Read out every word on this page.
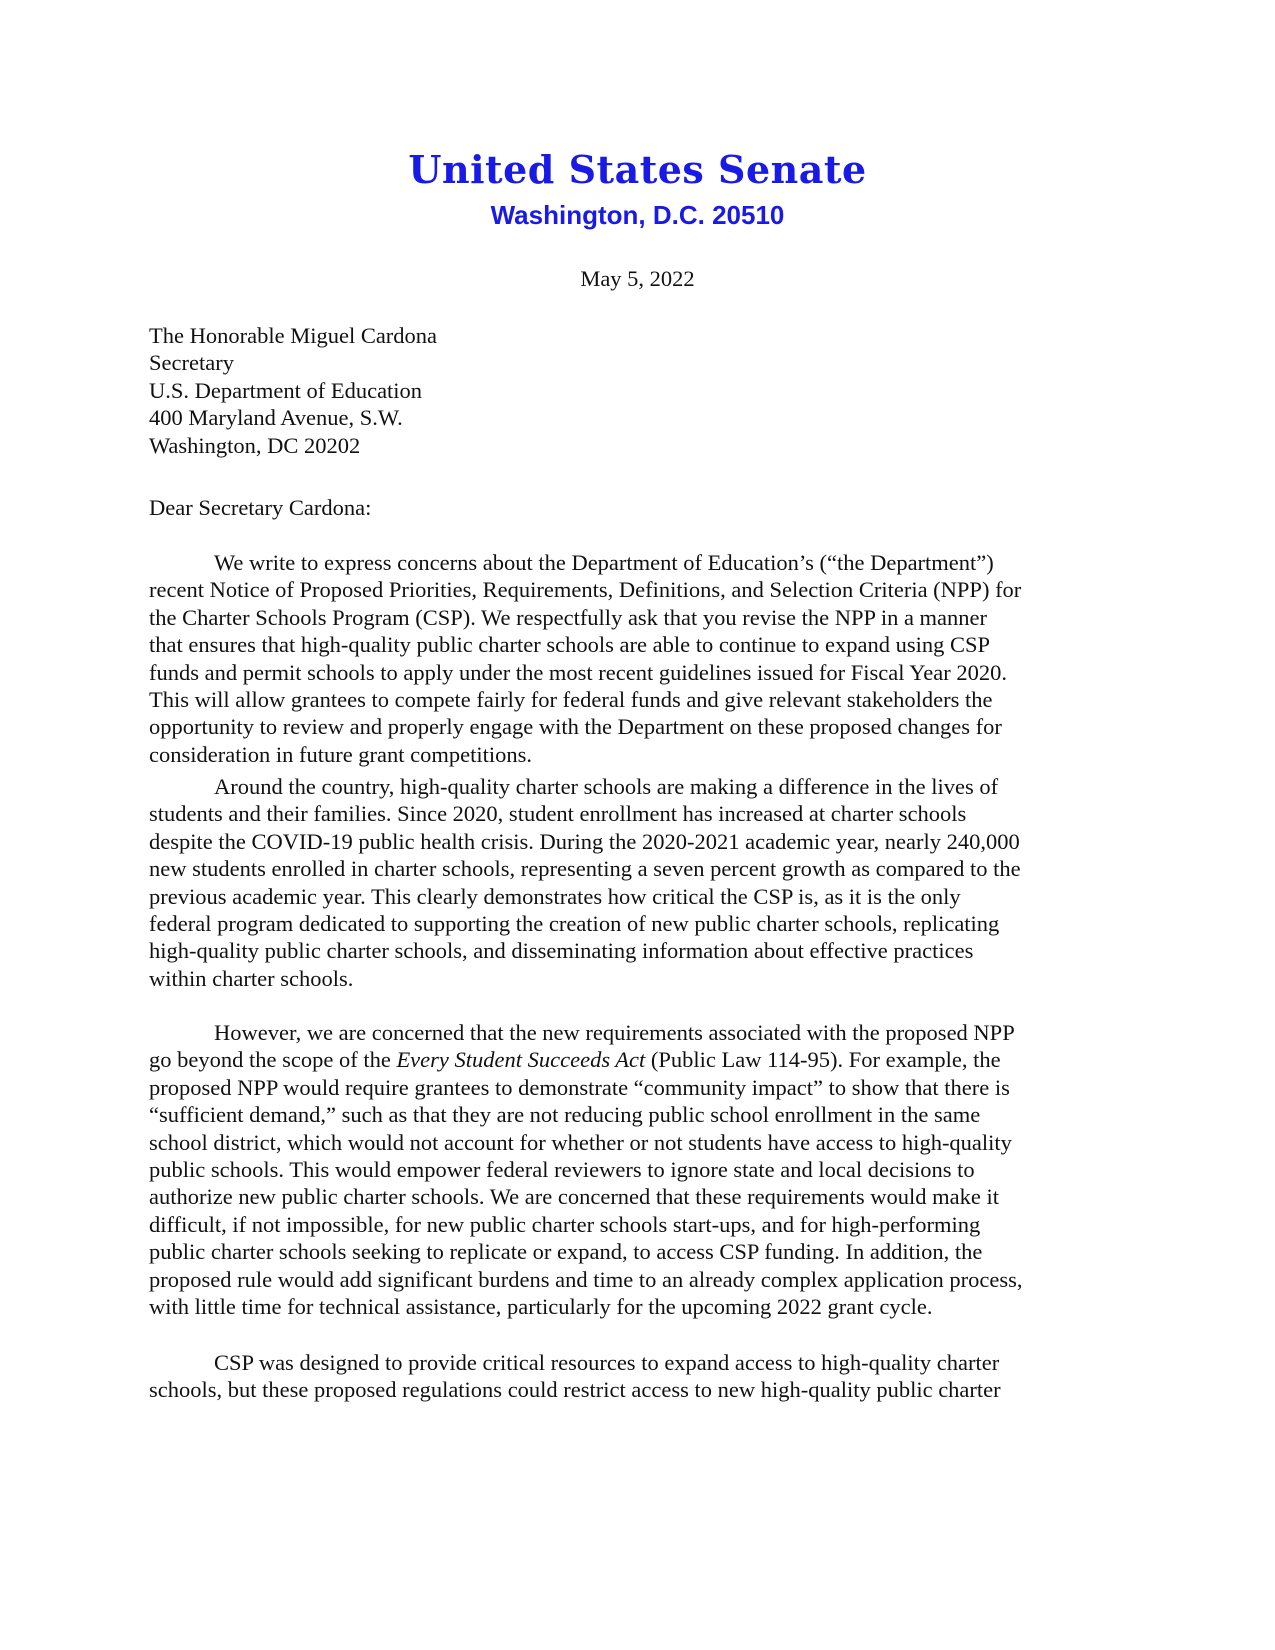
United States Senate
Washington, D.C. 20510
May 5, 2022
The Honorable Miguel Cardona
Secretary
U.S. Department of Education
400 Maryland Avenue, S.W.
Washington, DC 20202
Dear Secretary Cardona:
We write to express concerns about the Department of Education’s (“the Department”)
recent Notice of Proposed Priorities, Requirements, Definitions, and Selection Criteria (NPP) for
the Charter Schools Program (CSP). We respectfully ask that you revise the NPP in a manner
that ensures that high-quality public charter schools are able to continue to expand using CSP
funds and permit schools to apply under the most recent guidelines issued for Fiscal Year 2020.
This will allow grantees to compete fairly for federal funds and give relevant stakeholders the
opportunity to review and properly engage with the Department on these proposed changes for
consideration in future grant competitions.
Around the country, high-quality charter schools are making a difference in the lives of
students and their families. Since 2020, student enrollment has increased at charter schools
despite the COVID-19 public health crisis. During the 2020-2021 academic year, nearly 240,000
new students enrolled in charter schools, representing a seven percent growth as compared to the
previous academic year. This clearly demonstrates how critical the CSP is, as it is the only
federal program dedicated to supporting the creation of new public charter schools, replicating
high-quality public charter schools, and disseminating information about effective practices
within charter schools.
However, we are concerned that the new requirements associated with the proposed NPP
go beyond the scope of the Every Student Succeeds Act (Public Law 114-95). For example, the
proposed NPP would require grantees to demonstrate “community impact” to show that there is
“sufficient demand,” such as that they are not reducing public school enrollment in the same
school district, which would not account for whether or not students have access to high-quality
public schools. This would empower federal reviewers to ignore state and local decisions to
authorize new public charter schools. We are concerned that these requirements would make it
difficult, if not impossible, for new public charter schools start-ups, and for high-performing
public charter schools seeking to replicate or expand, to access CSP funding. In addition, the
proposed rule would add significant burdens and time to an already complex application process,
with little time for technical assistance, particularly for the upcoming 2022 grant cycle.
CSP was designed to provide critical resources to expand access to high-quality charter
schools, but these proposed regulations could restrict access to new high-quality public charter
